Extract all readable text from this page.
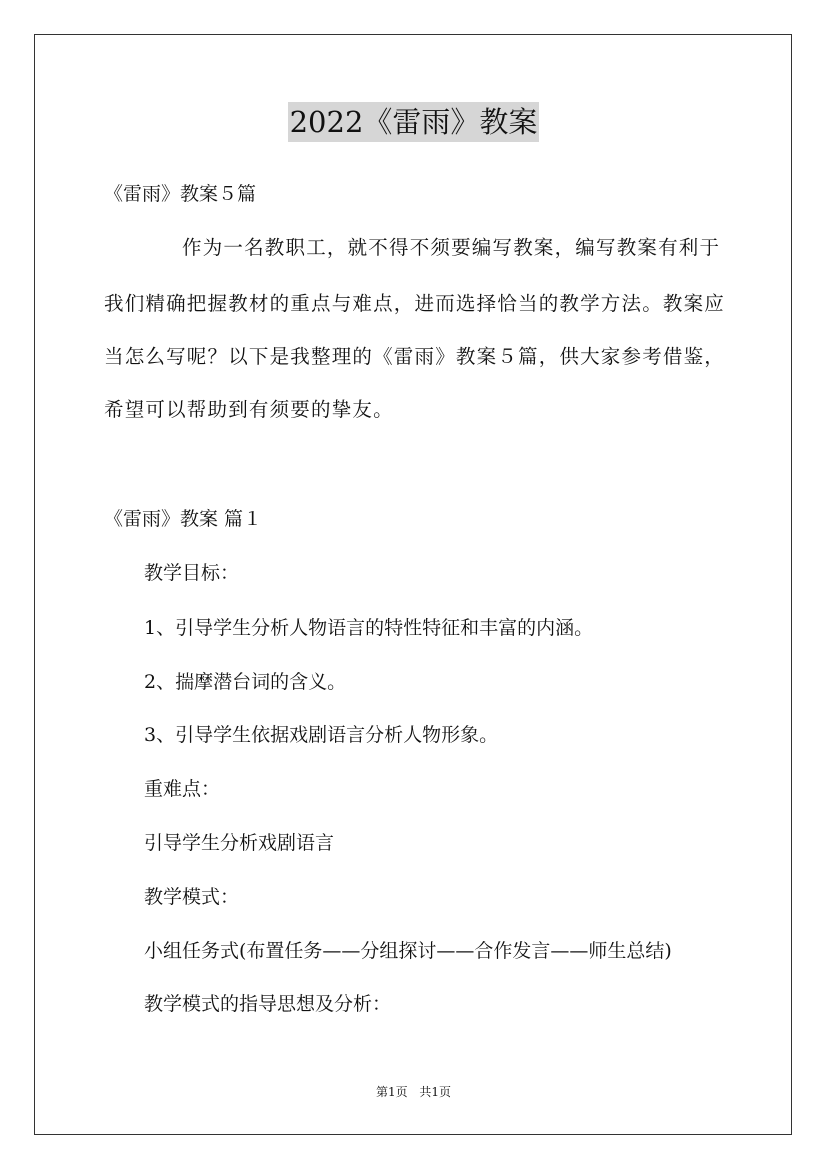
2022《雷雨》教案
《雷雨》教案５篇
作为一名教职工，就不得不须要编写教案，编写教案有利于
我们精确把握教材的重点与难点，进而选择恰当的教学方法。教案应
当怎么写呢？以下是我整理的《雷雨》教案５篇，供大家参考借鉴，
希望可以帮助到有须要的挚友。
《雷雨》教案 篇１
教学目标：
1、引导学生分析人物语言的特性特征和丰富的内涵。
2、揣摩潜台词的含义。
3、引导学生依据戏剧语言分析人物形象。
重难点：
引导学生分析戏剧语言
教学模式：
小组任务式(布置任务——分组探讨——合作发言——师生总结)
教学模式的指导思想及分析：
第1页 共1页
